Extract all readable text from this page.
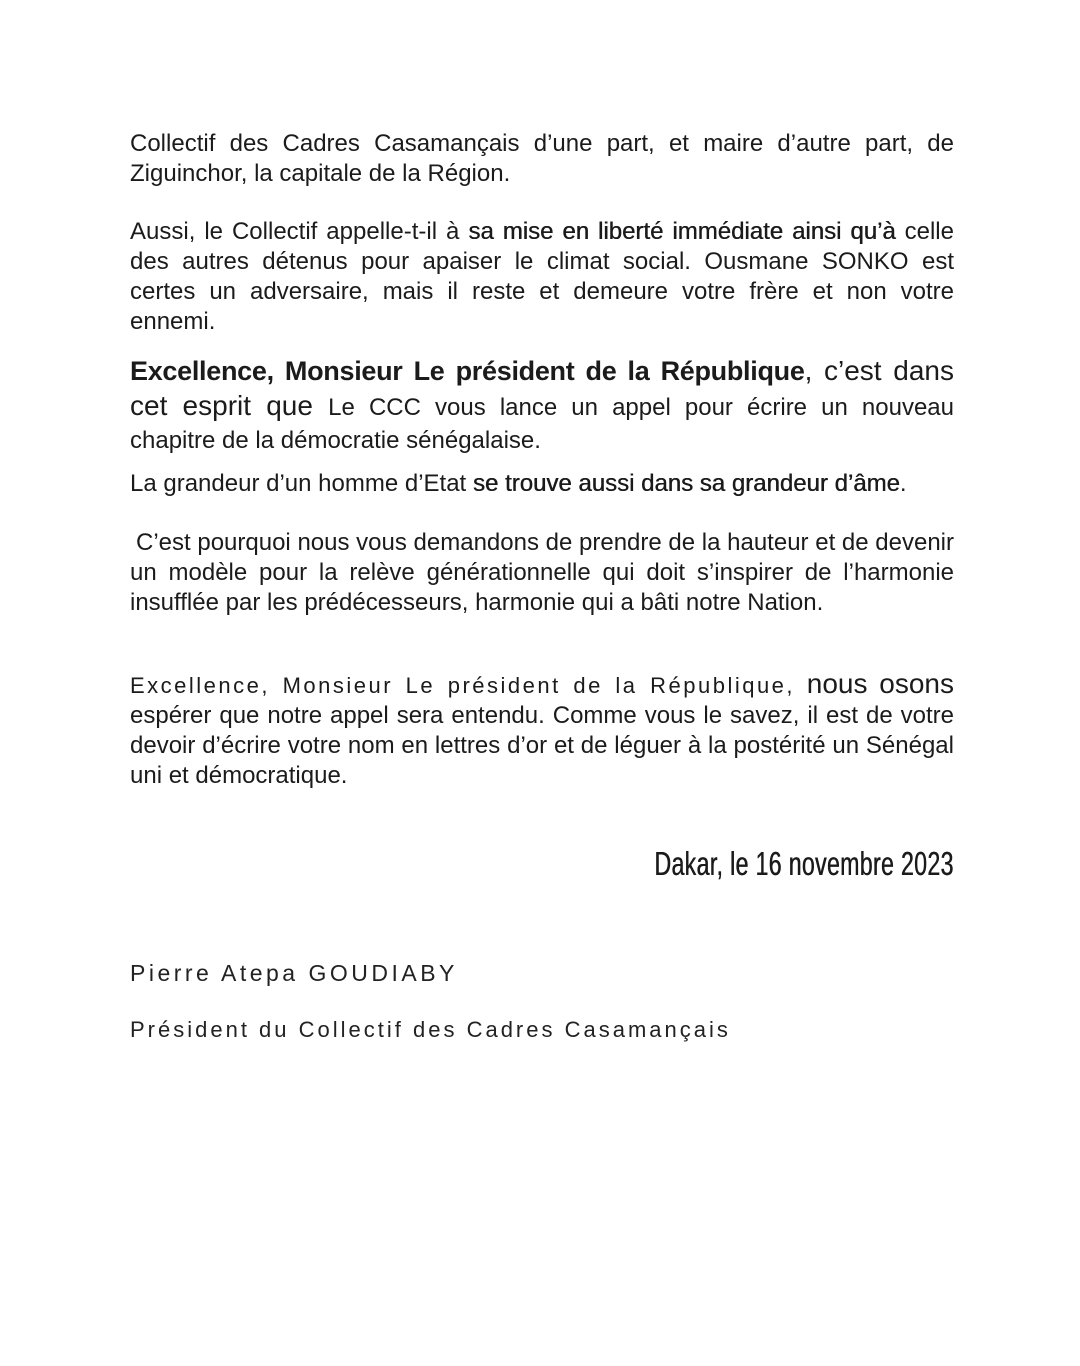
Collectif des Cadres Casamançais d’une part, et maire d’autre part, de Ziguinchor, la capitale de la Région.

Aussi, le Collectif appelle-t-il à sa mise en liberté immédiate ainsi qu’à celle des autres détenus pour apaiser le climat social. Ousmane SONKO est certes un adversaire, mais il reste et demeure votre frère et non votre ennemi.

Excellence, Monsieur Le président de la République, c’est dans cet esprit que Le CCC vous lance un appel pour écrire un nouveau chapitre de la démocratie sénégalaise.

La grandeur d’un homme d’Etat se trouve aussi dans sa grandeur d’âme.

C’est pourquoi nous vous demandons de prendre de la hauteur et de devenir un modèle pour la relève générationnelle qui doit s’inspirer de l’harmonie insufflée par les prédécesseurs, harmonie qui a bâti notre Nation.

Excellence, Monsieur Le président de la République, nous osons espérer que notre appel sera entendu. Comme vous le savez, il est de votre devoir d’écrire votre nom en lettres d’or et de léguer à la postérité un Sénégal uni et démocratique.

Dakar, le 16 novembre 2023
Pierre Atepa GOUDIABY
Président du Collectif des Cadres Casamançais
